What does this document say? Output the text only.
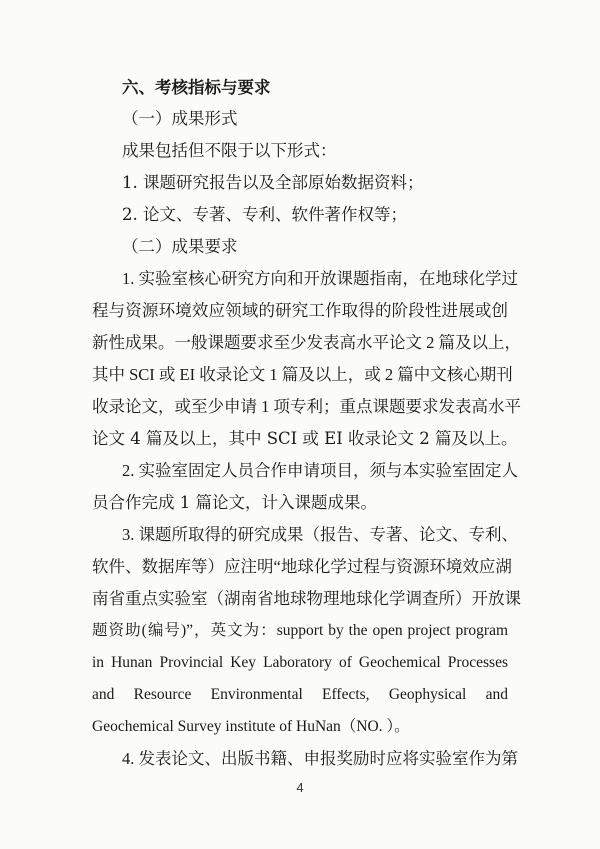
六、考核指标与要求
（一）成果形式
成果包括但不限于以下形式：
1. 课题研究报告以及全部原始数据资料；
2. 论文、专著、专利、软件著作权等；
（二）成果要求
1. 实验室核心研究方向和开放课题指南，在地球化学过
程与资源环境效应领域的研究工作取得的阶段性进展或创
新性成果。一般课题要求至少发表高水平论文 2 篇及以上，
其中 SCI 或 EI 收录论文 1 篇及以上，或 2 篇中文核心期刊
收录论文，或至少申请 1 项专利；重点课题要求发表高水平
论文 4 篇及以上，其中 SCI 或 EI 收录论文 2 篇及以上。
2. 实验室固定人员合作申请项目，须与本实验室固定人
员合作完成 1 篇论文，计入课题成果。
3. 课题所取得的研究成果（报告、专著、论文、专利、
软件、数据库等）应注明“地球化学过程与资源环境效应湖
南省重点实验室（湖南省地球物理地球化学调查所）开放课
题资助(编号)”，英文为：support by the open project program
in Hunan Provincial Key Laboratory of Geochemical Processes
and Resource Environmental Effects, Geophysical and
Geochemical Survey institute of HuNan（NO. ）。
4. 发表论文、出版书籍、申报奖励时应将实验室作为第
4
